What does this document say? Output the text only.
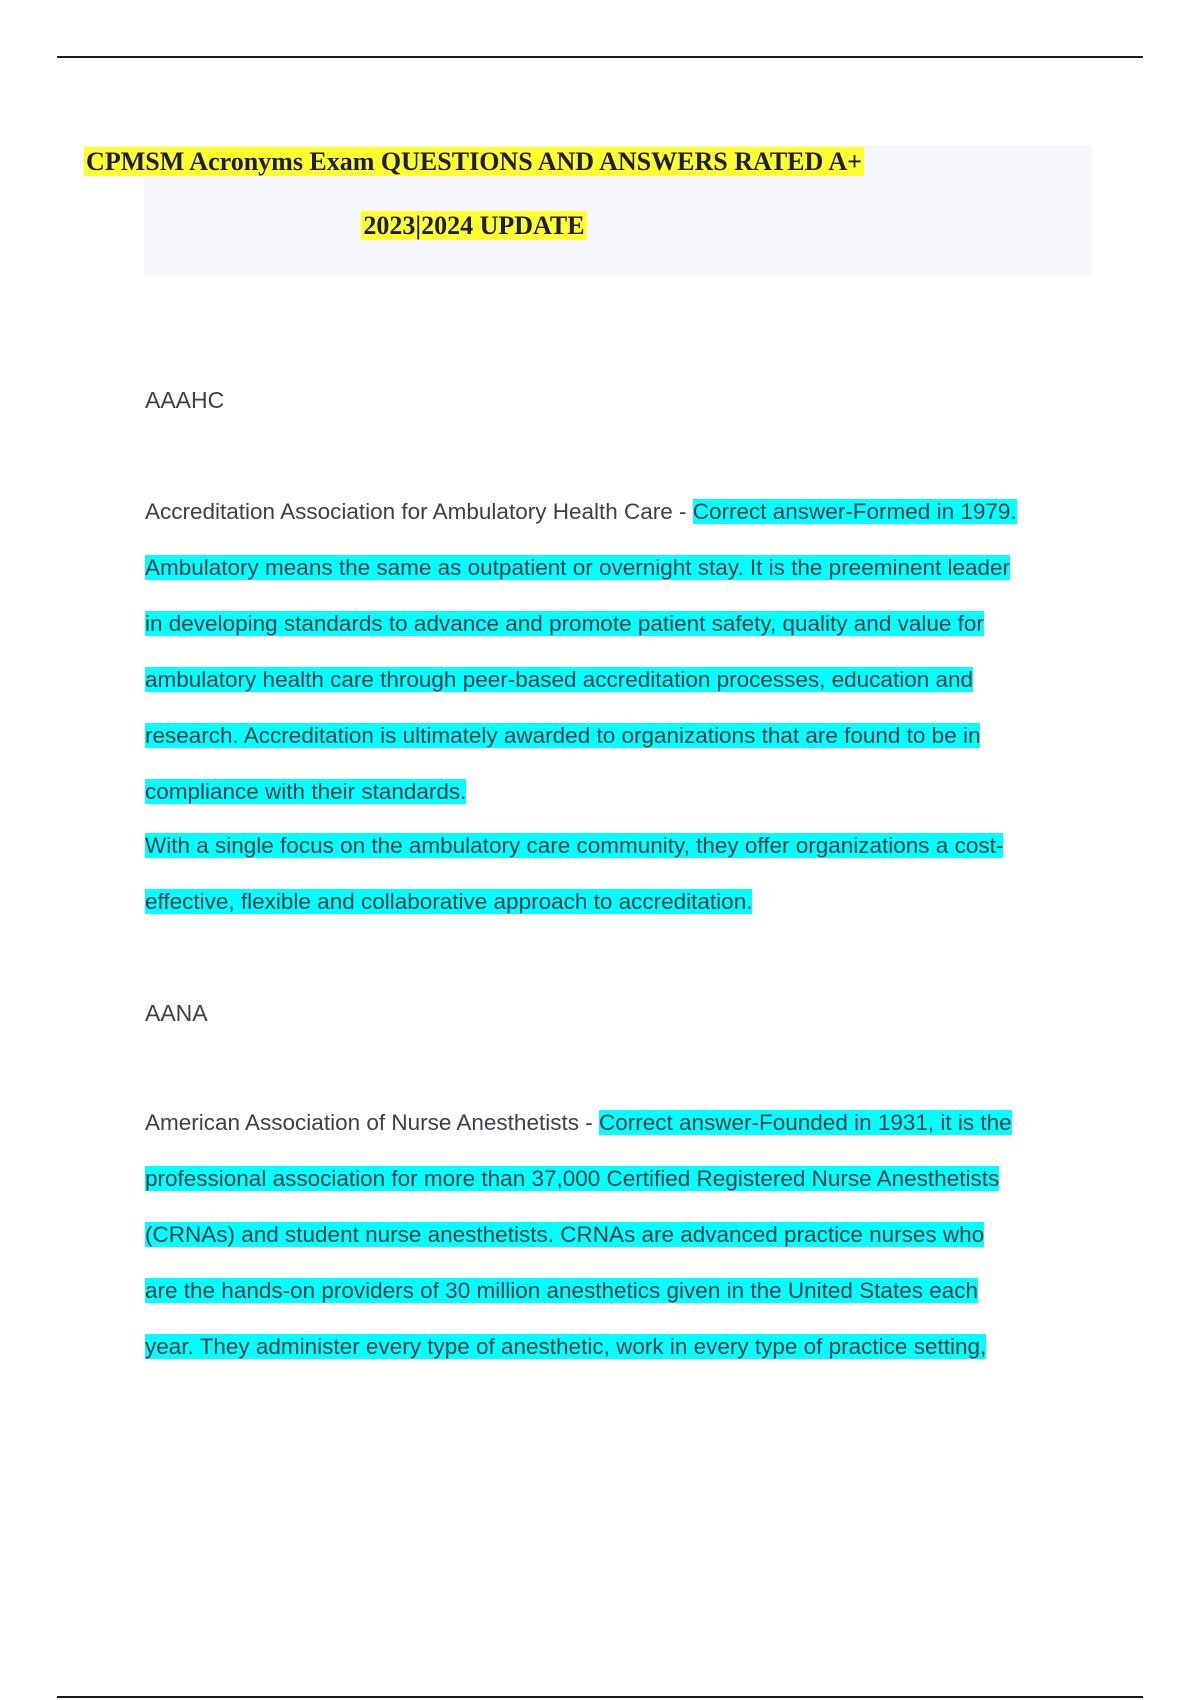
CPMSM Acronyms Exam QUESTIONS AND ANSWERS RATED A+
2023|2024 UPDATE

AAAHC

Accreditation Association for Ambulatory Health Care - Correct answer-Formed in 1979.
Ambulatory means the same as outpatient or overnight stay. It is the preeminent leader
in developing standards to advance and promote patient safety, quality and value for
ambulatory health care through peer-based accreditation processes, education and
research. Accreditation is ultimately awarded to organizations that are found to be in
compliance with their standards.
With a single focus on the ambulatory care community, they offer organizations a cost-
effective, flexible and collaborative approach to accreditation.

AANA

American Association of Nurse Anesthetists - Correct answer-Founded in 1931, it is the
professional association for more than 37,000 Certified Registered Nurse Anesthetists
(CRNAs) and student nurse anesthetists. CRNAs are advanced practice nurses who
are the hands-on providers of 30 million anesthetics given in the United States each
year. They administer every type of anesthetic, work in every type of practice setting,
